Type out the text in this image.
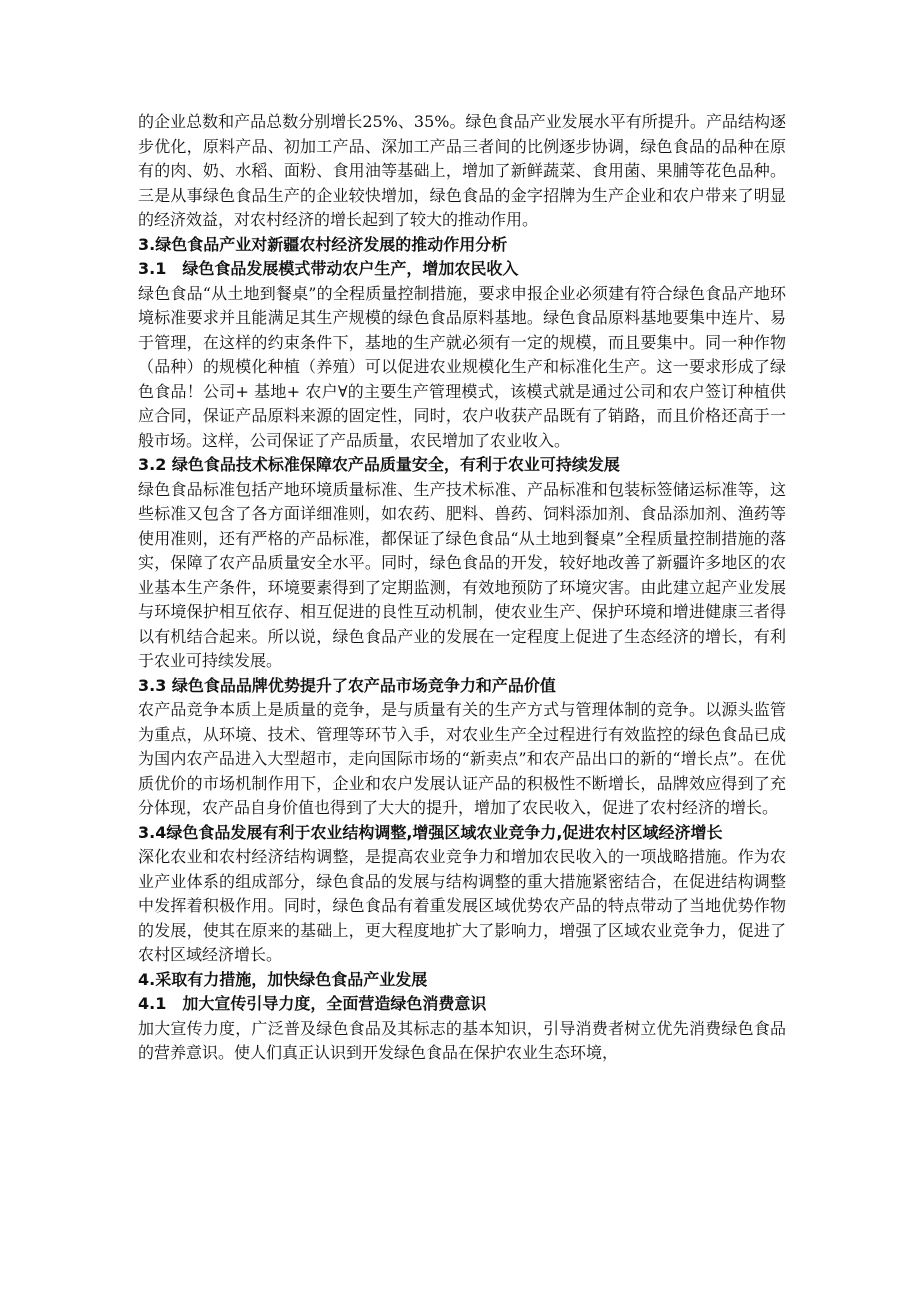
的企业总数和产品总数分别增长25%、35%。绿色食品产业发展水平有所提升。产品结构逐步优化，原料产品、初加工产品、深加工产品三者间的比例逐步协调，绿色食品的品种在原有的肉、奶、水稻、面粉、食用油等基础上，增加了新鲜蔬菜、食用菌、果脯等花色品种。三是从事绿色食品生产的企业较快增加，绿色食品的金字招牌为生产企业和农户带来了明显的经济效益，对农村经济的增长起到了较大的推动作用。

3.绿色食品产业对新疆农村经济发展的推动作用分析

3.1　绿色食品发展模式带动农户生产，增加农民收入

绿色食品“从土地到餐桌”的全程质量控制措施，要求申报企业必须建有符合绿色食品产地环境标准要求并且能满足其生产规模的绿色食品原料基地。绿色食品原料基地要集中连片、易于管理，在这样的约束条件下，基地的生产就必须有一定的规模，而且要集中。同一种作物（品种）的规模化种植（养殖）可以促进农业规模化生产和标准化生产。这一要求形成了绿色食品！公司+ 基地+ 农户∀的主要生产管理模式，该模式就是通过公司和农户签订种植供应合同，保证产品原料来源的固定性，同时，农户收获产品既有了销路，而且价格还高于一般市场。这样，公司保证了产品质量，农民增加了农业收入。

3.2 绿色食品技术标准保障农产品质量安全，有利于农业可持续发展

绿色食品标准包括产地环境质量标准、生产技术标准、产品标准和包装标签储运标准等，这些标准又包含了各方面详细准则，如农药、肥料、兽药、饲料添加剂、食品添加剂、渔药等使用准则，还有严格的产品标准，都保证了绿色食品“从土地到餐桌”全程质量控制措施的落实，保障了农产品质量安全水平。同时，绿色食品的开发，较好地改善了新疆许多地区的农业基本生产条件，环境要素得到了定期监测，有效地预防了环境灾害。由此建立起产业发展与环境保护相互依存、相互促进的良性互动机制，使农业生产、保护环境和增进健康三者得以有机结合起来。所以说，绿色食品产业的发展在一定程度上促进了生态经济的增长，有利于农业可持续发展。

3.3 绿色食品品牌优势提升了农产品市场竞争力和产品价值

农产品竞争本质上是质量的竞争，是与质量有关的生产方式与管理体制的竞争。以源头监管为重点，从环境、技术、管理等环节入手，对农业生产全过程进行有效监控的绿色食品已成为国内农产品进入大型超市，走向国际市场的“新卖点”和农产品出口的新的“增长点”。在优质优价的市场机制作用下，企业和农户发展认证产品的积极性不断增长，品牌效应得到了充分体现，农产品自身价值也得到了大大的提升，增加了农民收入，促进了农村经济的增长。

3.4绿色食品发展有利于农业结构调整,增强区域农业竞争力,促进农村区域经济增长

深化农业和农村经济结构调整，是提高农业竞争力和增加农民收入的一项战略措施。作为农业产业体系的组成部分，绿色食品的发展与结构调整的重大措施紧密结合，在促进结构调整中发挥着积极作用。同时，绿色食品有着重发展区域优势农产品的特点带动了当地优势作物的发展，使其在原来的基础上，更大程度地扩大了影响力，增强了区域农业竞争力，促进了农村区域经济增长。

4.采取有力措施，加快绿色食品产业发展

4.1　加大宣传引导力度，全面营造绿色消费意识

加大宣传力度，广泛普及绿色食品及其标志的基本知识，引导消费者树立优先消费绿色食品的营养意识。使人们真正认识到开发绿色食品在保护农业生态环境，
